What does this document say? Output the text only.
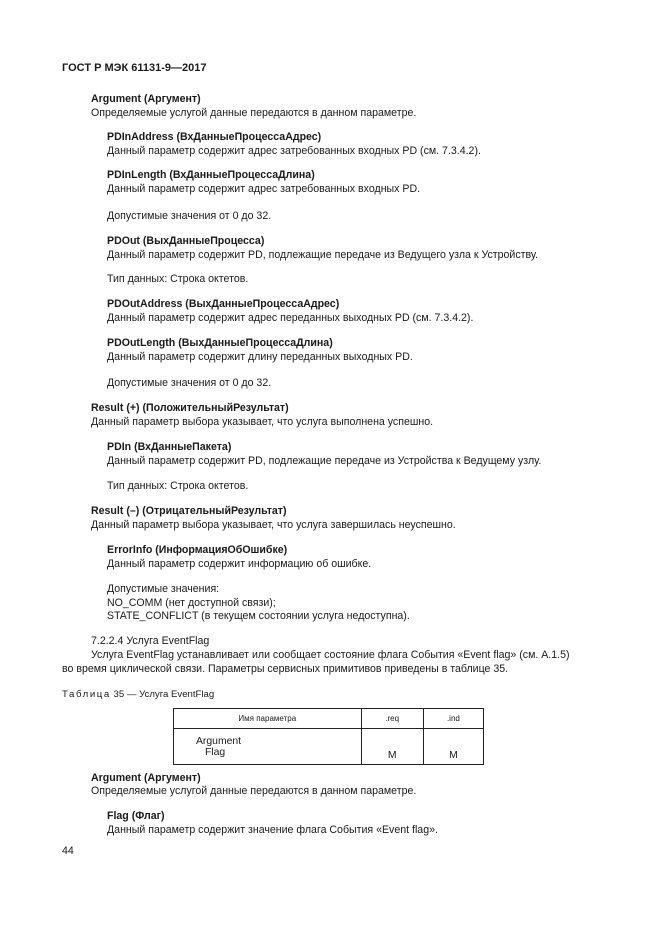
ГОСТ Р МЭК 61131-9—2017
Argument (Аргумент)
Определяемые услугой данные передаются в данном параметре.
PDInAddress (ВхДанныеПроцессаАдрес)
Данный параметр содержит адрес затребованных входных PD (см. 7.3.4.2).
PDInLength (ВхДанныеПроцессаДлина)
Данный параметр содержит адрес затребованных входных PD.
Допустимые значения от 0 до 32.
PDOut (ВыхДанныеПроцесса)
Данный параметр содержит PD, подлежащие передаче из Ведущего узла к Устройству.
Тип данных: Строка октетов.
PDOutAddress (ВыхДанныеПроцессаАдрес)
Данный параметр содержит адрес переданных выходных PD (см. 7.3.4.2).
PDOutLength (ВыхДанныеПроцессаДлина)
Данный параметр содержит длину переданных выходных PD.
Допустимые значения от 0 до 32.
Result (+) (ПоложительныйРезультат)
Данный параметр выбора указывает, что услуга выполнена успешно.
PDIn (ВхДанныеПакета)
Данный параметр содержит PD, подлежащие передаче из Устройства к Ведущему узлу.
Тип данных: Строка октетов.
Result (–) (ОтрицательныйРезультат)
Данный параметр выбора указывает, что услуга завершилась неуспешно.
ErrorInfo (ИнформацияОбОшибке)
Данный параметр содержит информацию об ошибке.
Допустимые значения:
NO_COMM (нет доступной связи);
STATE_CONFLICT (в текущем состоянии услуга недоступна).
7.2.2.4 Услуга EventFlag
Услуга EventFlag устанавливает или сообщает состояние флага События «Event flag» (см. А.1.5)
во время циклической связи. Параметры сервисных примитивов приведены в таблице 35.
Таблица 35 — Услуга EventFlag
Имя параметра	.req	.ind

Argument
Flag	M	M
Argument (Аргумент)
Определяемые услугой данные передаются в данном параметре.
Flag (Флаг)
Данный параметр содержит значение флага События «Event flag».
44
